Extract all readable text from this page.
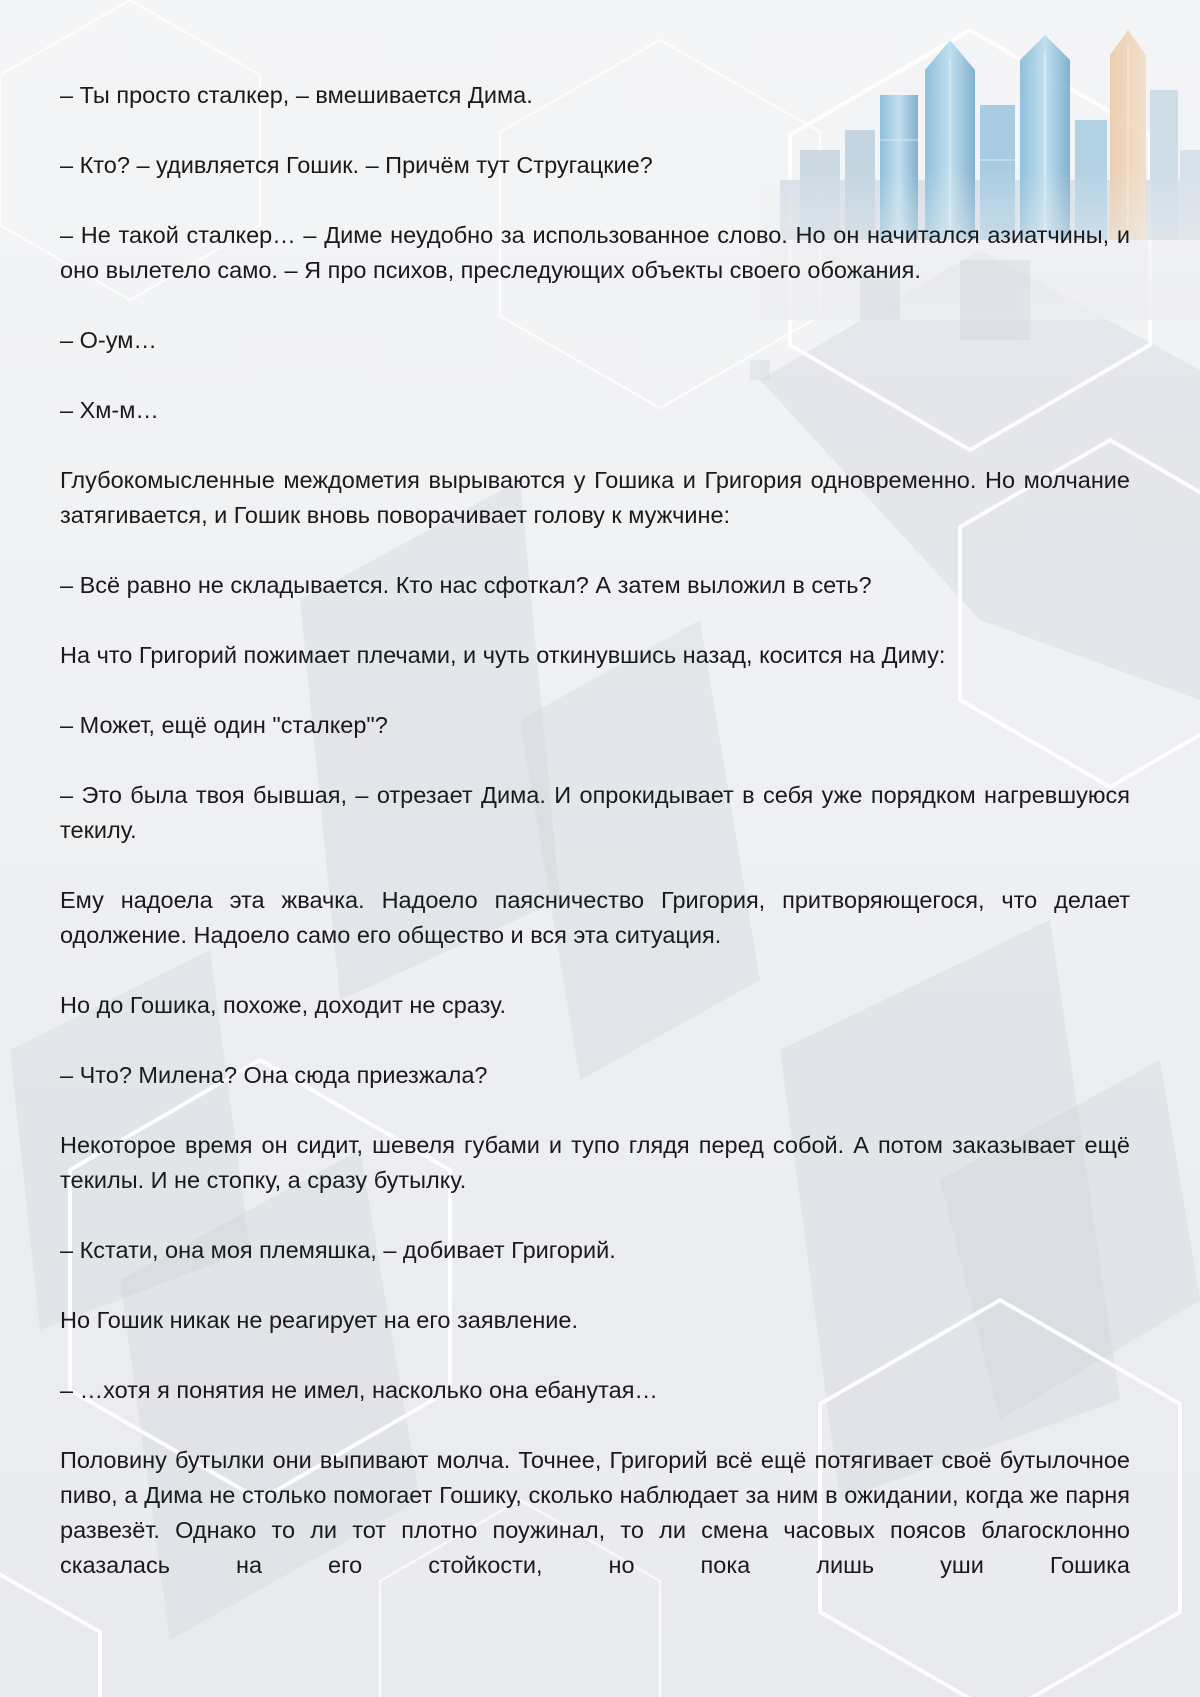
– Ты просто сталкер, – вмешивается Дима.

– Кто? – удивляется Гошик. – Причём тут Стругацкие?

– Не такой сталкер… – Диме неудобно за использованное слово. Но он начитался азиатчины, и оно вылетело само. – Я про психов, преследующих объекты своего обожания.

– О-ум…

– Хм-м…

Глубокомысленные междометия вырываются у Гошика и Григория одновременно. Но молчание затягивается, и Гошик вновь поворачивает голову к мужчине:

– Всё равно не складывается. Кто нас сфоткал? А затем выложил в сеть?

На что Григорий пожимает плечами, и чуть откинувшись назад, косится на Диму:

– Может, ещё один "сталкер"?

– Это была твоя бывшая, – отрезает Дима. И опрокидывает в себя уже порядком нагревшуюся текилу.

Ему надоела эта жвачка. Надоело паясничество Григория, притворяющегося, что делает одолжение. Надоело само его общество и вся эта ситуация.

Но до Гошика, похоже, доходит не сразу.

– Что? Милена? Она сюда приезжала?

Некоторое время он сидит, шевеля губами и тупо глядя перед собой. А потом заказывает ещё текилы. И не стопку, а сразу бутылку.

– Кстати, она моя племяшка, – добивает Григорий.

Но Гошик никак не реагирует на его заявление.

– …хотя я понятия не имел, насколько она ебанутая…

Половину бутылки они выпивают молча. Точнее, Григорий всё ещё потягивает своё бутылочное пиво, а Дима не столько помогает Гошику, сколько наблюдает за ним в ожидании, когда же парня развезёт. Однако то ли тот плотно поужинал, то ли смена часовых поясов благосклонно сказалась на его стойкости, но пока лишь уши Гошика
